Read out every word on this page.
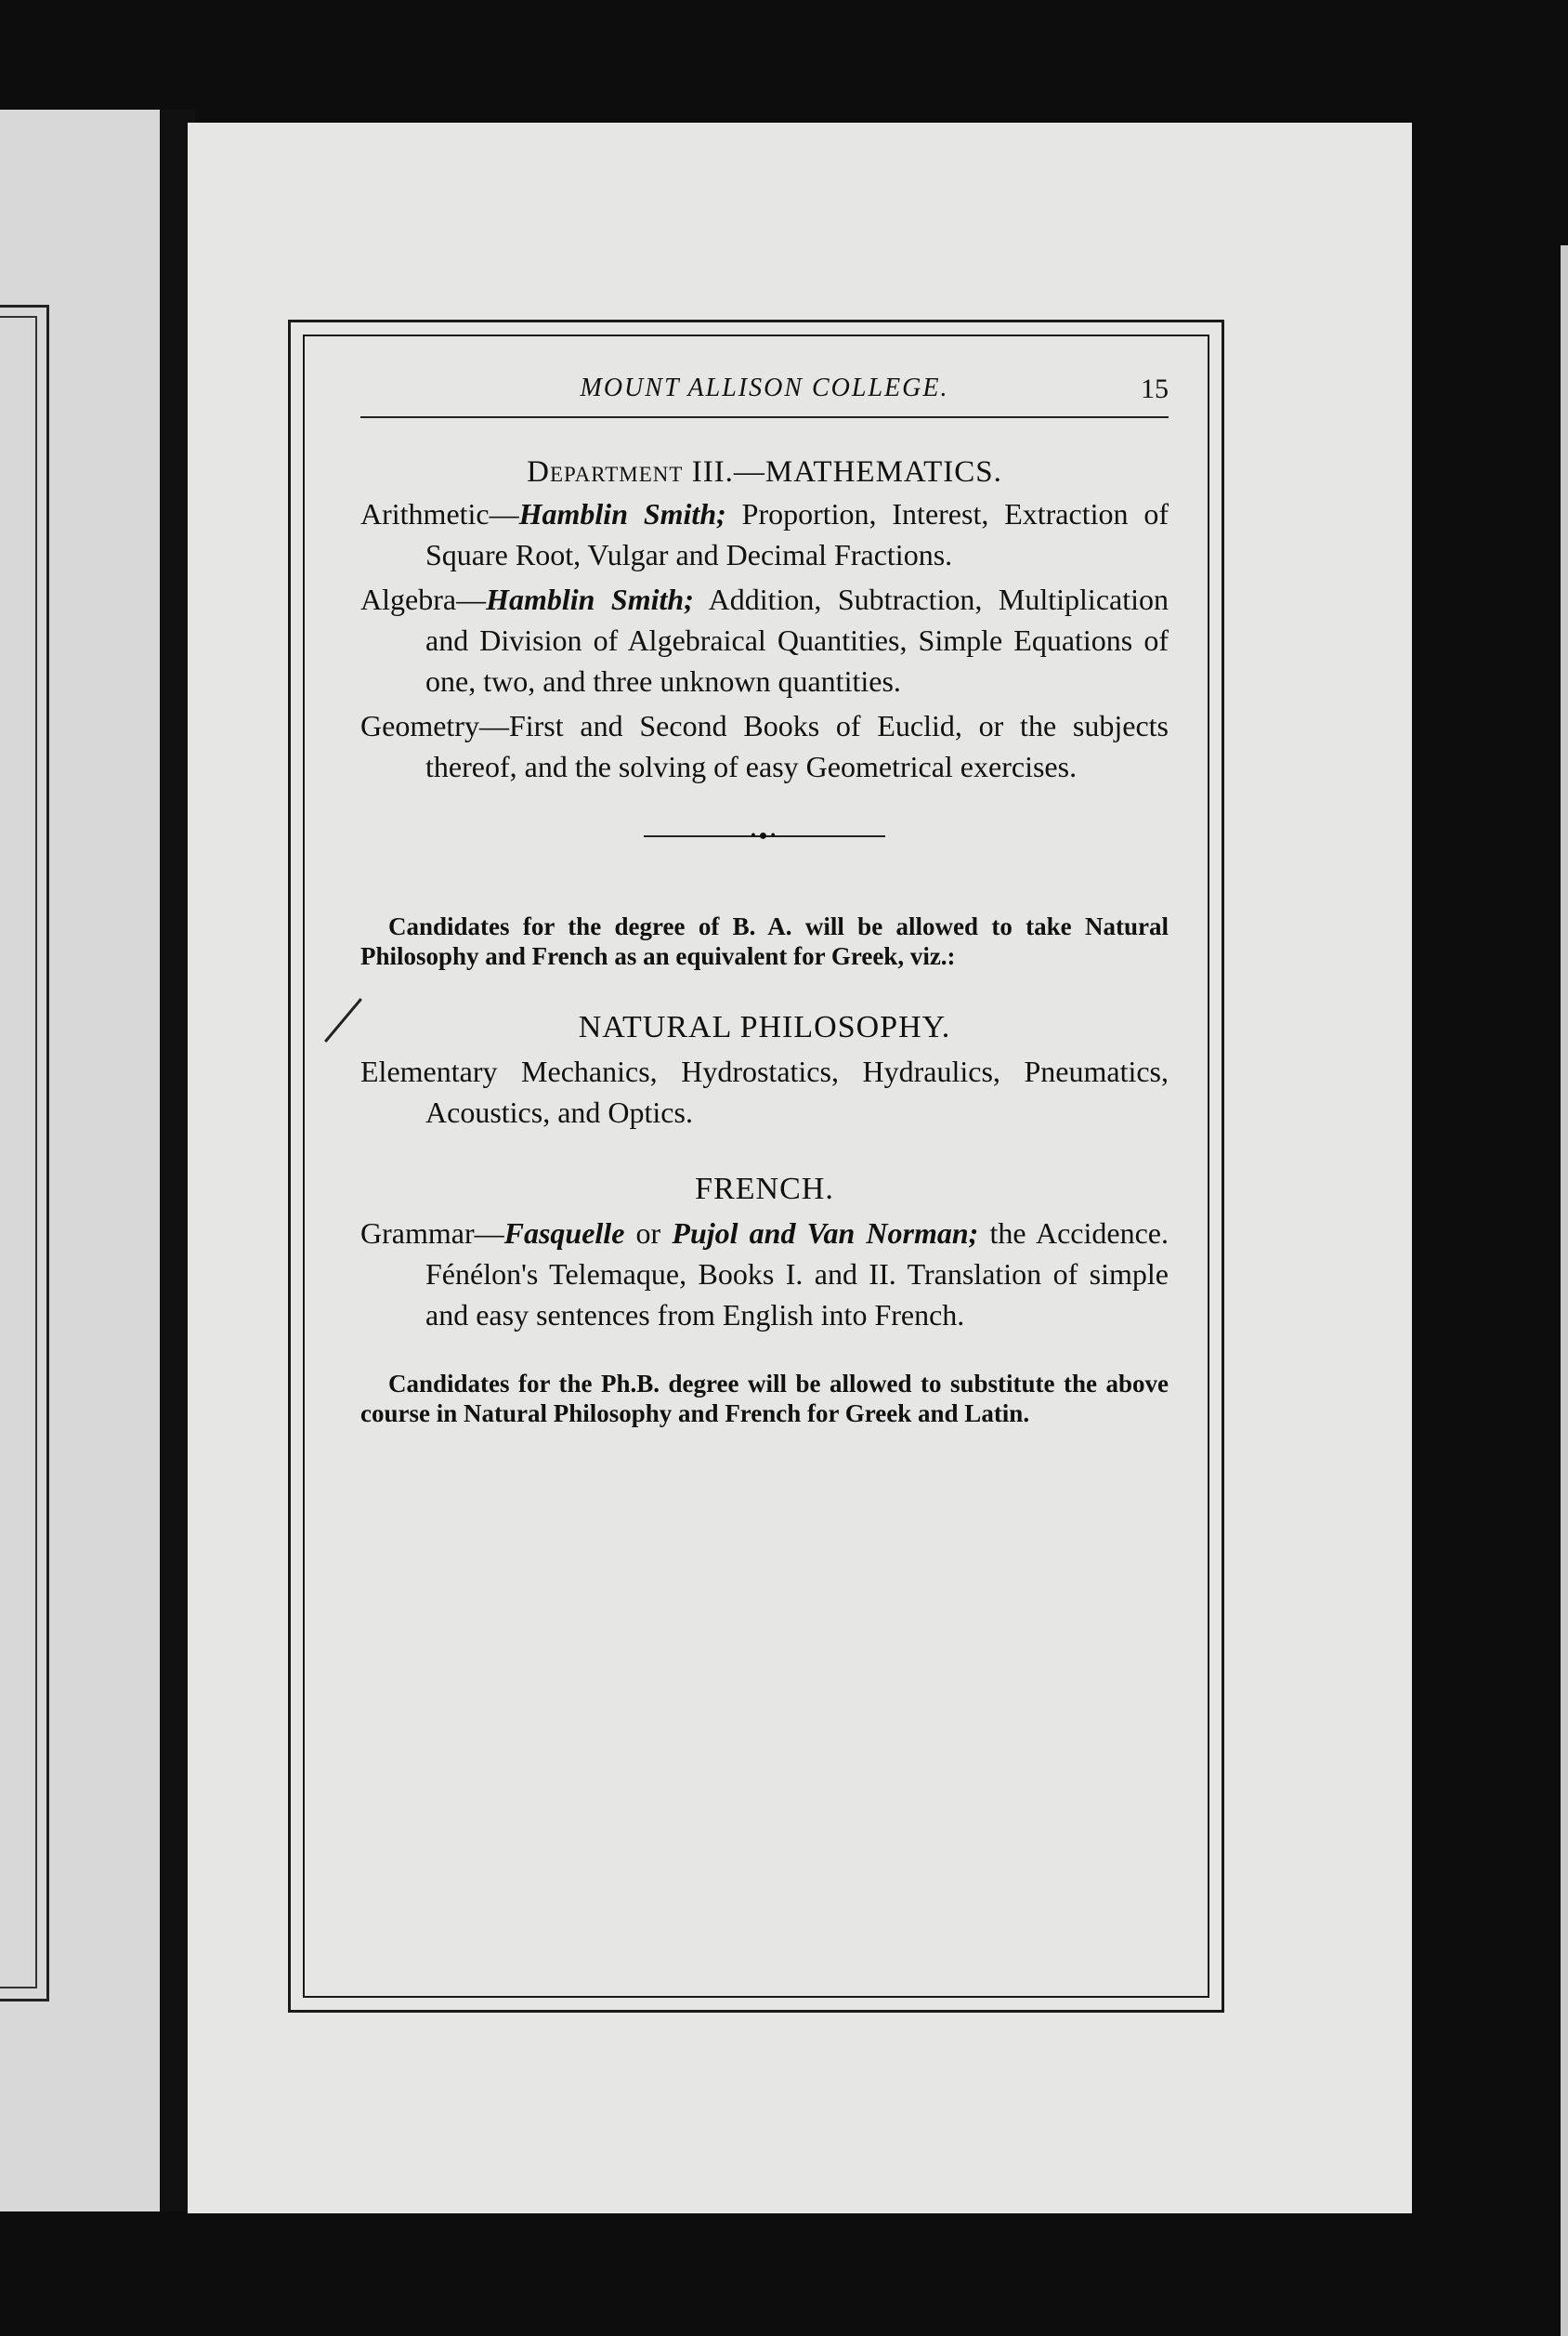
MOUNT ALLISON COLLEGE.	15
Department III.—MATHEMATICS.
Arithmetic—Hamblin Smith; Proportion, Interest, Extraction of Square Root, Vulgar and Decimal Fractions.
Algebra—Hamblin Smith; Addition, Subtraction, Multiplication and Division of Algebraical Quantities, Simple Equations of one, two, and three unknown quantities.
Geometry—First and Second Books of Euclid, or the subjects thereof, and the solving of easy Geometrical exercises.
•●•
Candidates for the degree of B. A. will be allowed to take Natural Philosophy and French as an equivalent for Greek, viz.:
NATURAL PHILOSOPHY.
Elementary Mechanics, Hydrostatics, Hydraulics, Pneumatics, Acoustics, and Optics.
FRENCH.
Grammar—Fasquelle or Pujol and Van Norman; the Accidence. Fénélon's Telemaque, Books I. and II. Translation of simple and easy sentences from English into French.
Candidates for the Ph.B. degree will be allowed to substitute the above course in Natural Philosophy and French for Greek and Latin.
